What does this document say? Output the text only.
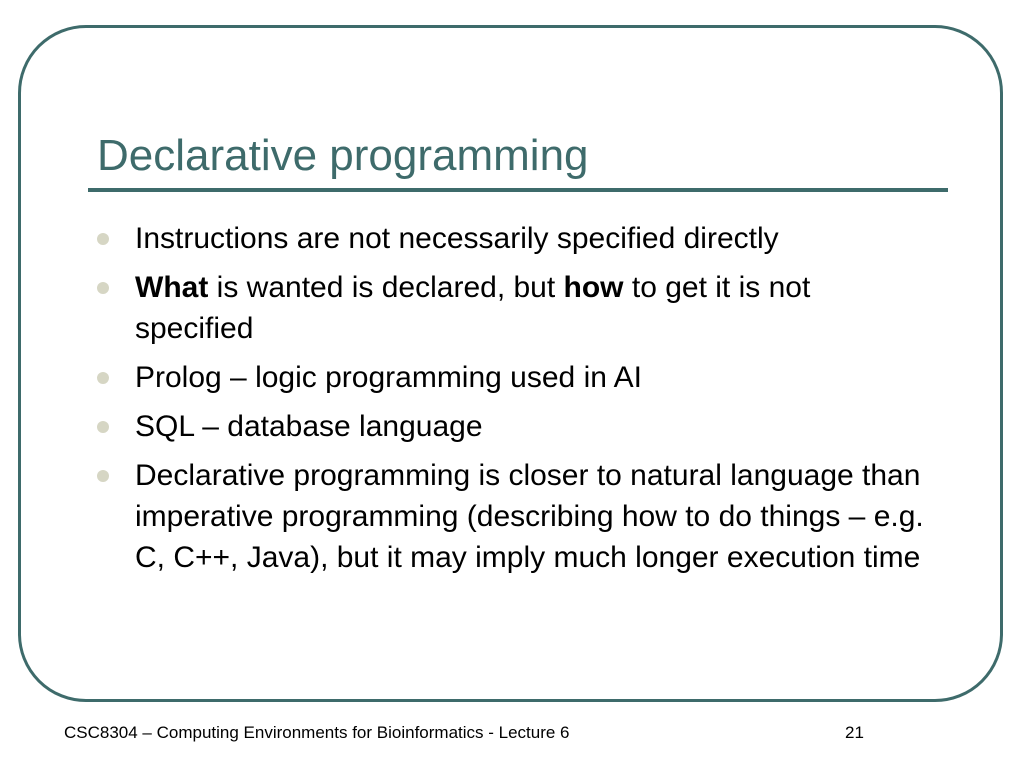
Declarative programming
Instructions are not necessarily specified directly
What is wanted is declared, but how to get it is not specified
Prolog – logic programming used in AI
SQL – database language
Declarative programming is closer to natural language than imperative programming (describing how to do things – e.g. C, C++, Java), but it may imply much longer execution time
CSC8304 – Computing Environments for Bioinformatics - Lecture 6	21
